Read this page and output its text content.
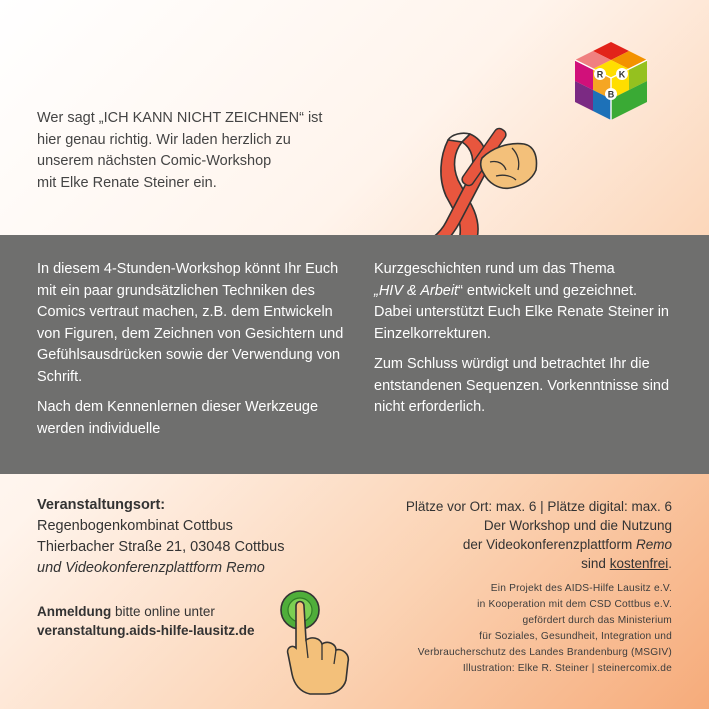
Wer sagt „ICH KANN NICHT ZEICHNEN“ ist
hier genau richtig. Wir laden herzlich zu
unserem nächsten Comic-Workshop
mit Elke Renate Steiner ein.
R K
B

In diesem 4-Stunden-Workshop könnt Ihr Euch mit ein paar grundsätzlichen Techniken des Comics vertraut machen, z.B. dem Entwickeln von Figuren, dem Zeichnen von Gesichtern und Gefühlsausdrücken sowie der Verwendung von Schrift.

Nach dem Kennenlernen dieser Werkzeuge werden individuelle

Kurzgeschichten rund um das Thema
„HIV & Arbeit“ entwickelt und gezeichnet. Dabei unterstützt Euch Elke Renate Steiner in Einzelkorrekturen.

Zum Schluss würdigt und betrachtet Ihr die entstandenen Sequenzen. Vorkenntnisse sind nicht erforderlich.

Veranstaltungsort:
Regenbogenkombinat Cottbus
Thierbacher Straße 21, 03048 Cottbus
und Videokonferenzplattform Remo
Anmeldung bitte online unter
veranstaltung.aids-hilfe-lausitz.de
Plätze vor Ort: max. 6 | Plätze digital: max. 6
Der Workshop und die Nutzung
der Videokonferenzplattform Remo
sind kostenfrei.
Ein Projekt des AIDS-Hilfe Lausitz e.V.
in Kooperation mit dem CSD Cottbus e.V.
gefördert durch das Ministerium
für Soziales, Gesundheit, Integration und
Verbraucherschutz des Landes Brandenburg (MSGIV)
Illustration: Elke R. Steiner | steinercomix.de
